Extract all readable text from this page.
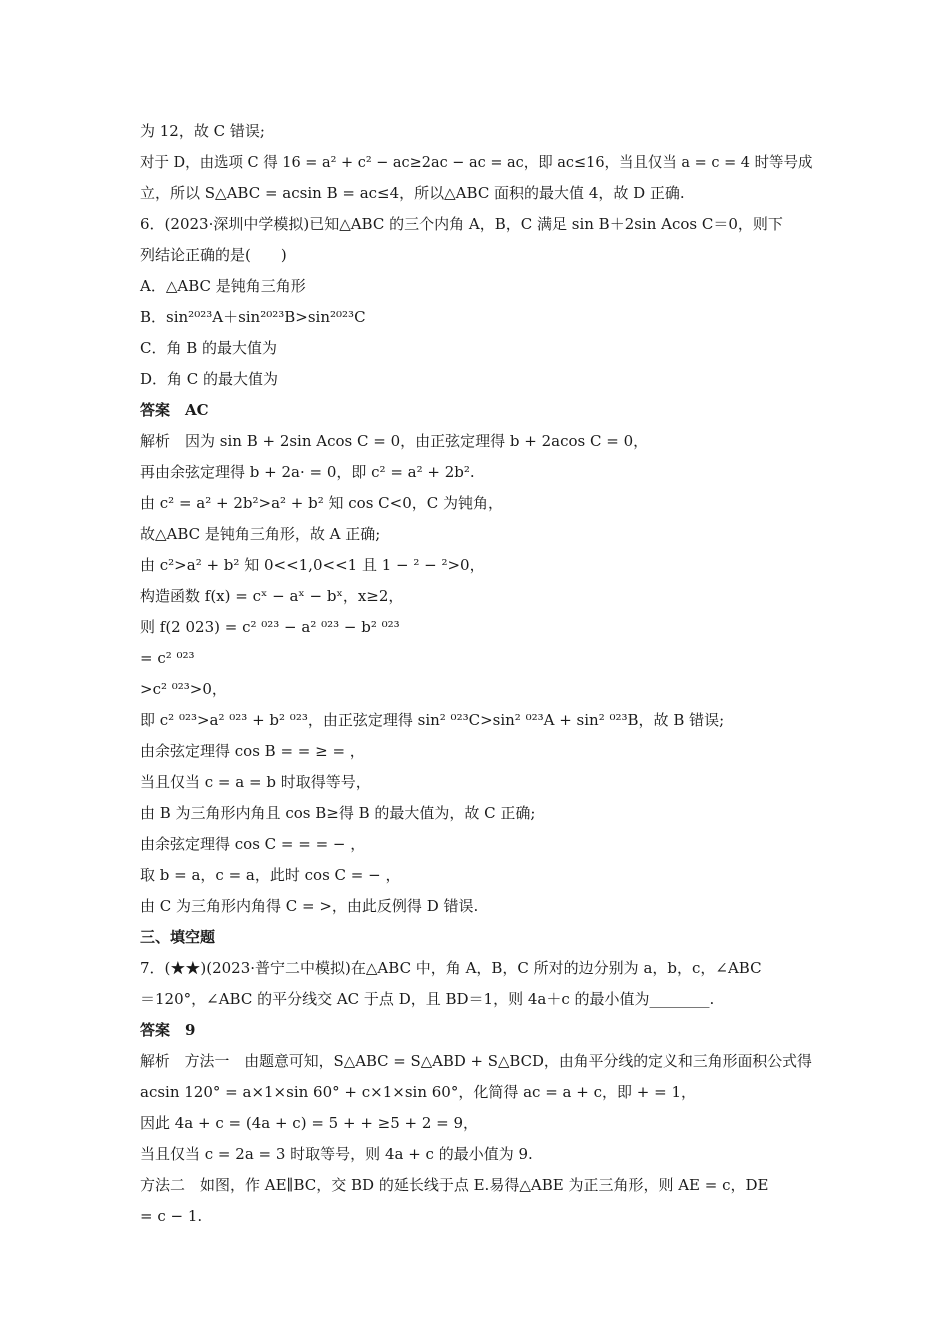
为 12，故 C 错误;
对于 D，由选项 C 得 16 = a² + c² − ac≥2ac − ac = ac，即 ac≤16，当且仅当 a = c = 4 时等号成
立，所以 S△ABC = acsin B = ac≤4，所以△ABC 面积的最大值 4，故 D 正确.
6．(2023·深圳中学模拟)已知△ABC 的三个内角 A，B，C 满足 sin B＋2sin Acos C＝0，则下
列结论正确的是(　　)
A．△ABC 是钝角三角形
B．sin²⁰²³A＋sin²⁰²³B>sin²⁰²³C
C．角 B 的最大值为
D．角 C 的最大值为
答案　AC
解析　因为 sin B + 2sin Acos C = 0，由正弦定理得 b + 2acos C = 0，
再由余弦定理得 b + 2a· = 0，即 c² = a² + 2b².
由 c² = a² + 2b²>a² + b² 知 cos C<0，C 为钝角，
故△ABC 是钝角三角形，故 A 正确;
由 c²>a² + b² 知 0<<1,0<<1 且 1 − ² − ²>0，
构造函数 f(x) = cˣ − aˣ − bˣ，x≥2，
则 f(2 023) = c² ⁰²³ − a² ⁰²³ − b² ⁰²³
= c² ⁰²³
>c² ⁰²³>0，
即 c² ⁰²³>a² ⁰²³ + b² ⁰²³，由正弦定理得 sin² ⁰²³C>sin² ⁰²³A + sin² ⁰²³B，故 B 错误;
由余弦定理得 cos B = = ≥ = ，
当且仅当 c = a = b 时取得等号，
由 B 为三角形内角且 cos B≥得 B 的最大值为，故 C 正确;
由余弦定理得 cos C = = = − ，
取 b = a，c = a，此时 cos C = − ，
由 C 为三角形内角得 C = >，由此反例得 D 错误.
三、填空题
7．(★★)(2023·普宁二中模拟)在△ABC 中，角 A，B，C 所对的边分别为 a，b，c，∠ABC
＝120°，∠ABC 的平分线交 AC 于点 D，且 BD＝1，则 4a＋c 的最小值为________.
答案　9
解析　方法一　由题意可知，S△ABC = S△ABD + S△BCD，由角平分线的定义和三角形面积公式得
acsin 120° = a×1×sin 60° + c×1×sin 60°，化简得 ac = a + c，即 + = 1，
因此 4a + c = (4a + c) = 5 + + ≥5 + 2 = 9，
当且仅当 c = 2a = 3 时取等号，则 4a + c 的最小值为 9.
方法二　如图，作 AE∥BC，交 BD 的延长线于点 E.易得△ABE 为正三角形，则 AE = c，DE
= c − 1.
